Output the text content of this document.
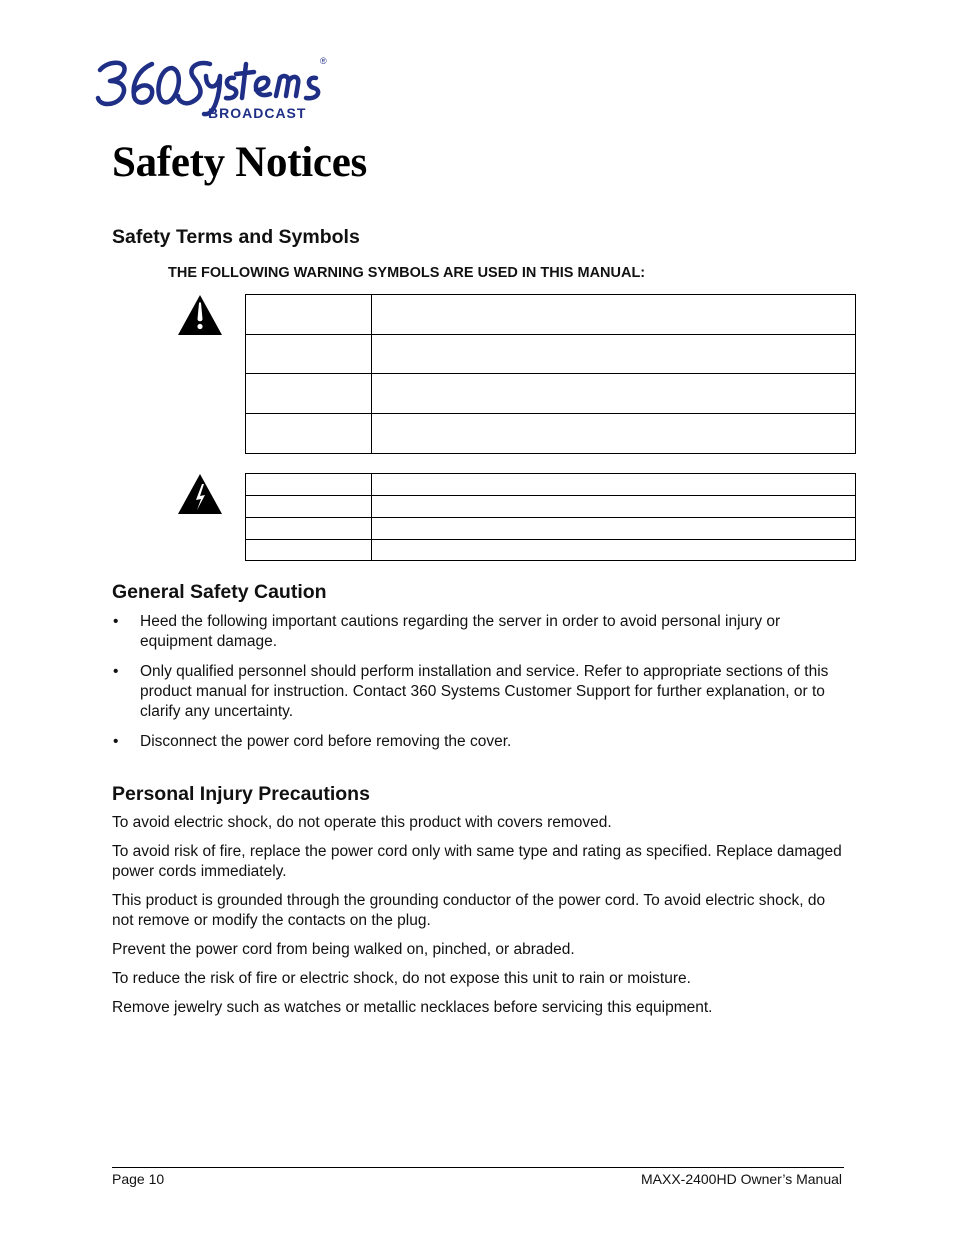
®
BROADCAST
Safety Notices
Safety Terms and Symbols

THE FOLLOWING WARNING SYMBOLS ARE USED IN THIS MANUAL:

General Safety Caution
• Heed the following important cautions regarding the server in order to avoid personal injury or equipment damage.
• Only qualified personnel should perform installation and service. Refer to appropriate sections of this product manual for instruction. Contact 360 Systems Customer Support for further explanation, or to clarify any uncertainty.
• Disconnect the power cord before removing the cover.
Personal Injury Precautions

To avoid electric shock, do not operate this product with covers removed.

To avoid risk of fire, replace the power cord only with same type and rating as specified. Replace damaged power cords immediately.

This product is grounded through the grounding conductor of the power cord. To avoid electric shock, do not remove or modify the contacts on the plug.

Prevent the power cord from being walked on, pinched, or abraded.

To reduce the risk of fire or electric shock, do not expose this unit to rain or moisture.

Remove jewelry such as watches or metallic necklaces before servicing this equipment.

Page 10	MAXX-2400HD Owner’s Manual
